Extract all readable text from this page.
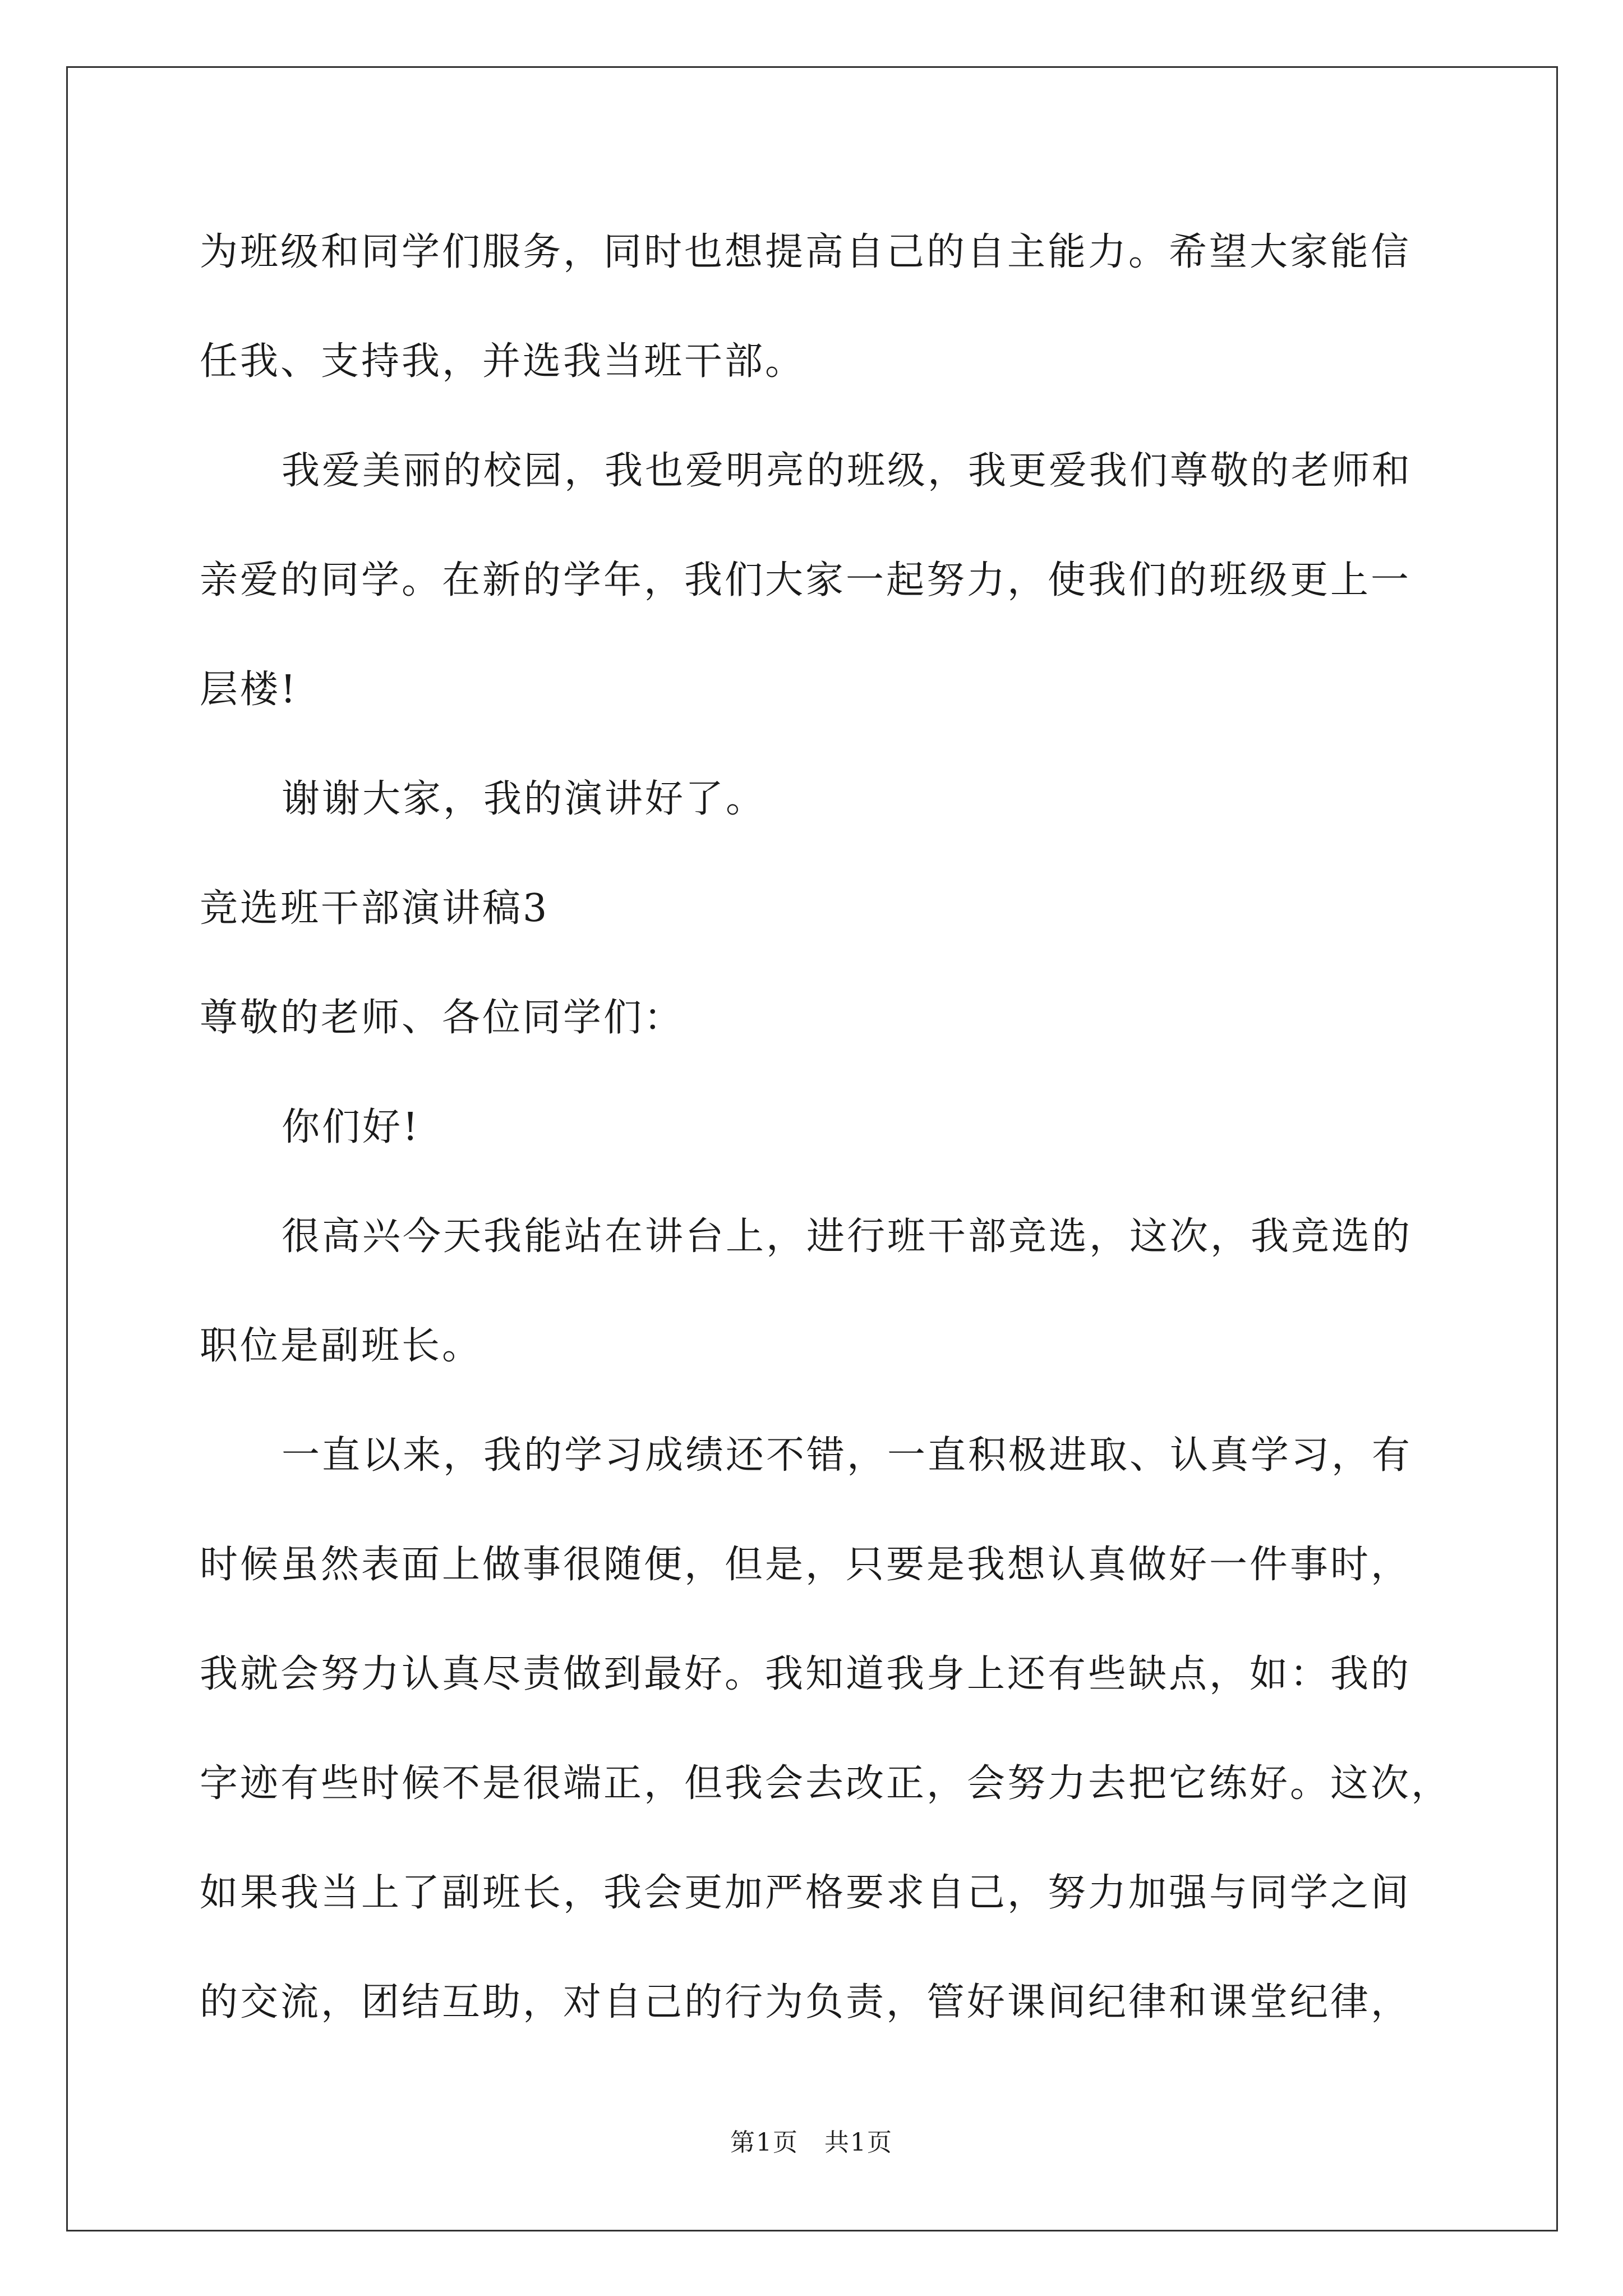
为班级和同学们服务，同时也想提高自己的自主能力。希望大家能信
任我、支持我，并选我当班干部。
我爱美丽的校园，我也爱明亮的班级，我更爱我们尊敬的老师和
亲爱的同学。在新的学年，我们大家一起努力，使我们的班级更上一
层楼!
谢谢大家，我的演讲好了。
竞选班干部演讲稿3
尊敬的老师、各位同学们：
你们好!
很高兴今天我能站在讲台上，进行班干部竞选，这次，我竞选的
职位是副班长。
一直以来，我的学习成绩还不错，一直积极进取、认真学习，有
时候虽然表面上做事很随便，但是，只要是我想认真做好一件事时，
我就会努力认真尽责做到最好。我知道我身上还有些缺点，如：我的
字迹有些时候不是很端正，但我会去改正，会努力去把它练好。这次，
如果我当上了副班长，我会更加严格要求自己，努力加强与同学之间
的交流，团结互助，对自己的行为负责，管好课间纪律和课堂纪律，
第1页　共1页
